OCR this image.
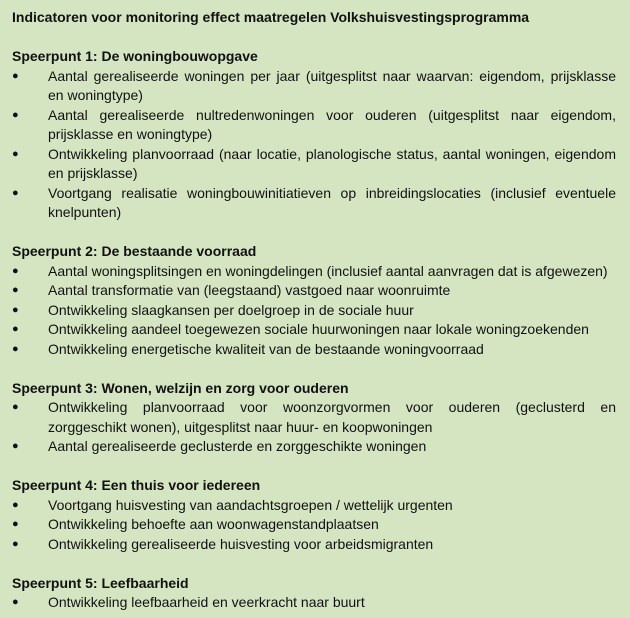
Indicatoren voor monitoring effect maatregelen Volkshuisvestingsprogramma
Speerpunt 1: De woningbouwopgave
●	Aantal gerealiseerde woningen per jaar (uitgesplitst naar waarvan: eigendom, prijsklasse en woningtype)
●	Aantal gerealiseerde nultredenwoningen voor ouderen (uitgesplitst naar eigendom, prijsklasse en woningtype)
●	Ontwikkeling planvoorraad (naar locatie, planologische status, aantal woningen, eigendom en prijsklasse)
●	Voortgang realisatie woningbouwinitiatieven op inbreidingslocaties (inclusief eventuele knelpunten)
Speerpunt 2: De bestaande voorraad
●	Aantal woningsplitsingen en woningdelingen (inclusief aantal aanvragen dat is afgewezen)
●	Aantal transformatie van (leegstaand) vastgoed naar woonruimte
●	Ontwikkeling slaagkansen per doelgroep in de sociale huur
●	Ontwikkeling aandeel toegewezen sociale huurwoningen naar lokale woningzoekenden
●	Ontwikkeling energetische kwaliteit van de bestaande woningvoorraad
Speerpunt 3: Wonen, welzijn en zorg voor ouderen
●	Ontwikkeling planvoorraad voor woonzorgvormen voor ouderen (geclusterd en zorggeschikt wonen), uitgesplitst naar huur- en koopwoningen
●	Aantal gerealiseerde geclusterde en zorggeschikte woningen
Speerpunt 4: Een thuis voor iedereen
●	Voortgang huisvesting van aandachtsgroepen / wettelijk urgenten
●	Ontwikkeling behoefte aan woonwagenstandplaatsen
●	Ontwikkeling gerealiseerde huisvesting voor arbeidsmigranten
Speerpunt 5: Leefbaarheid
●	Ontwikkeling leefbaarheid en veerkracht naar buurt
